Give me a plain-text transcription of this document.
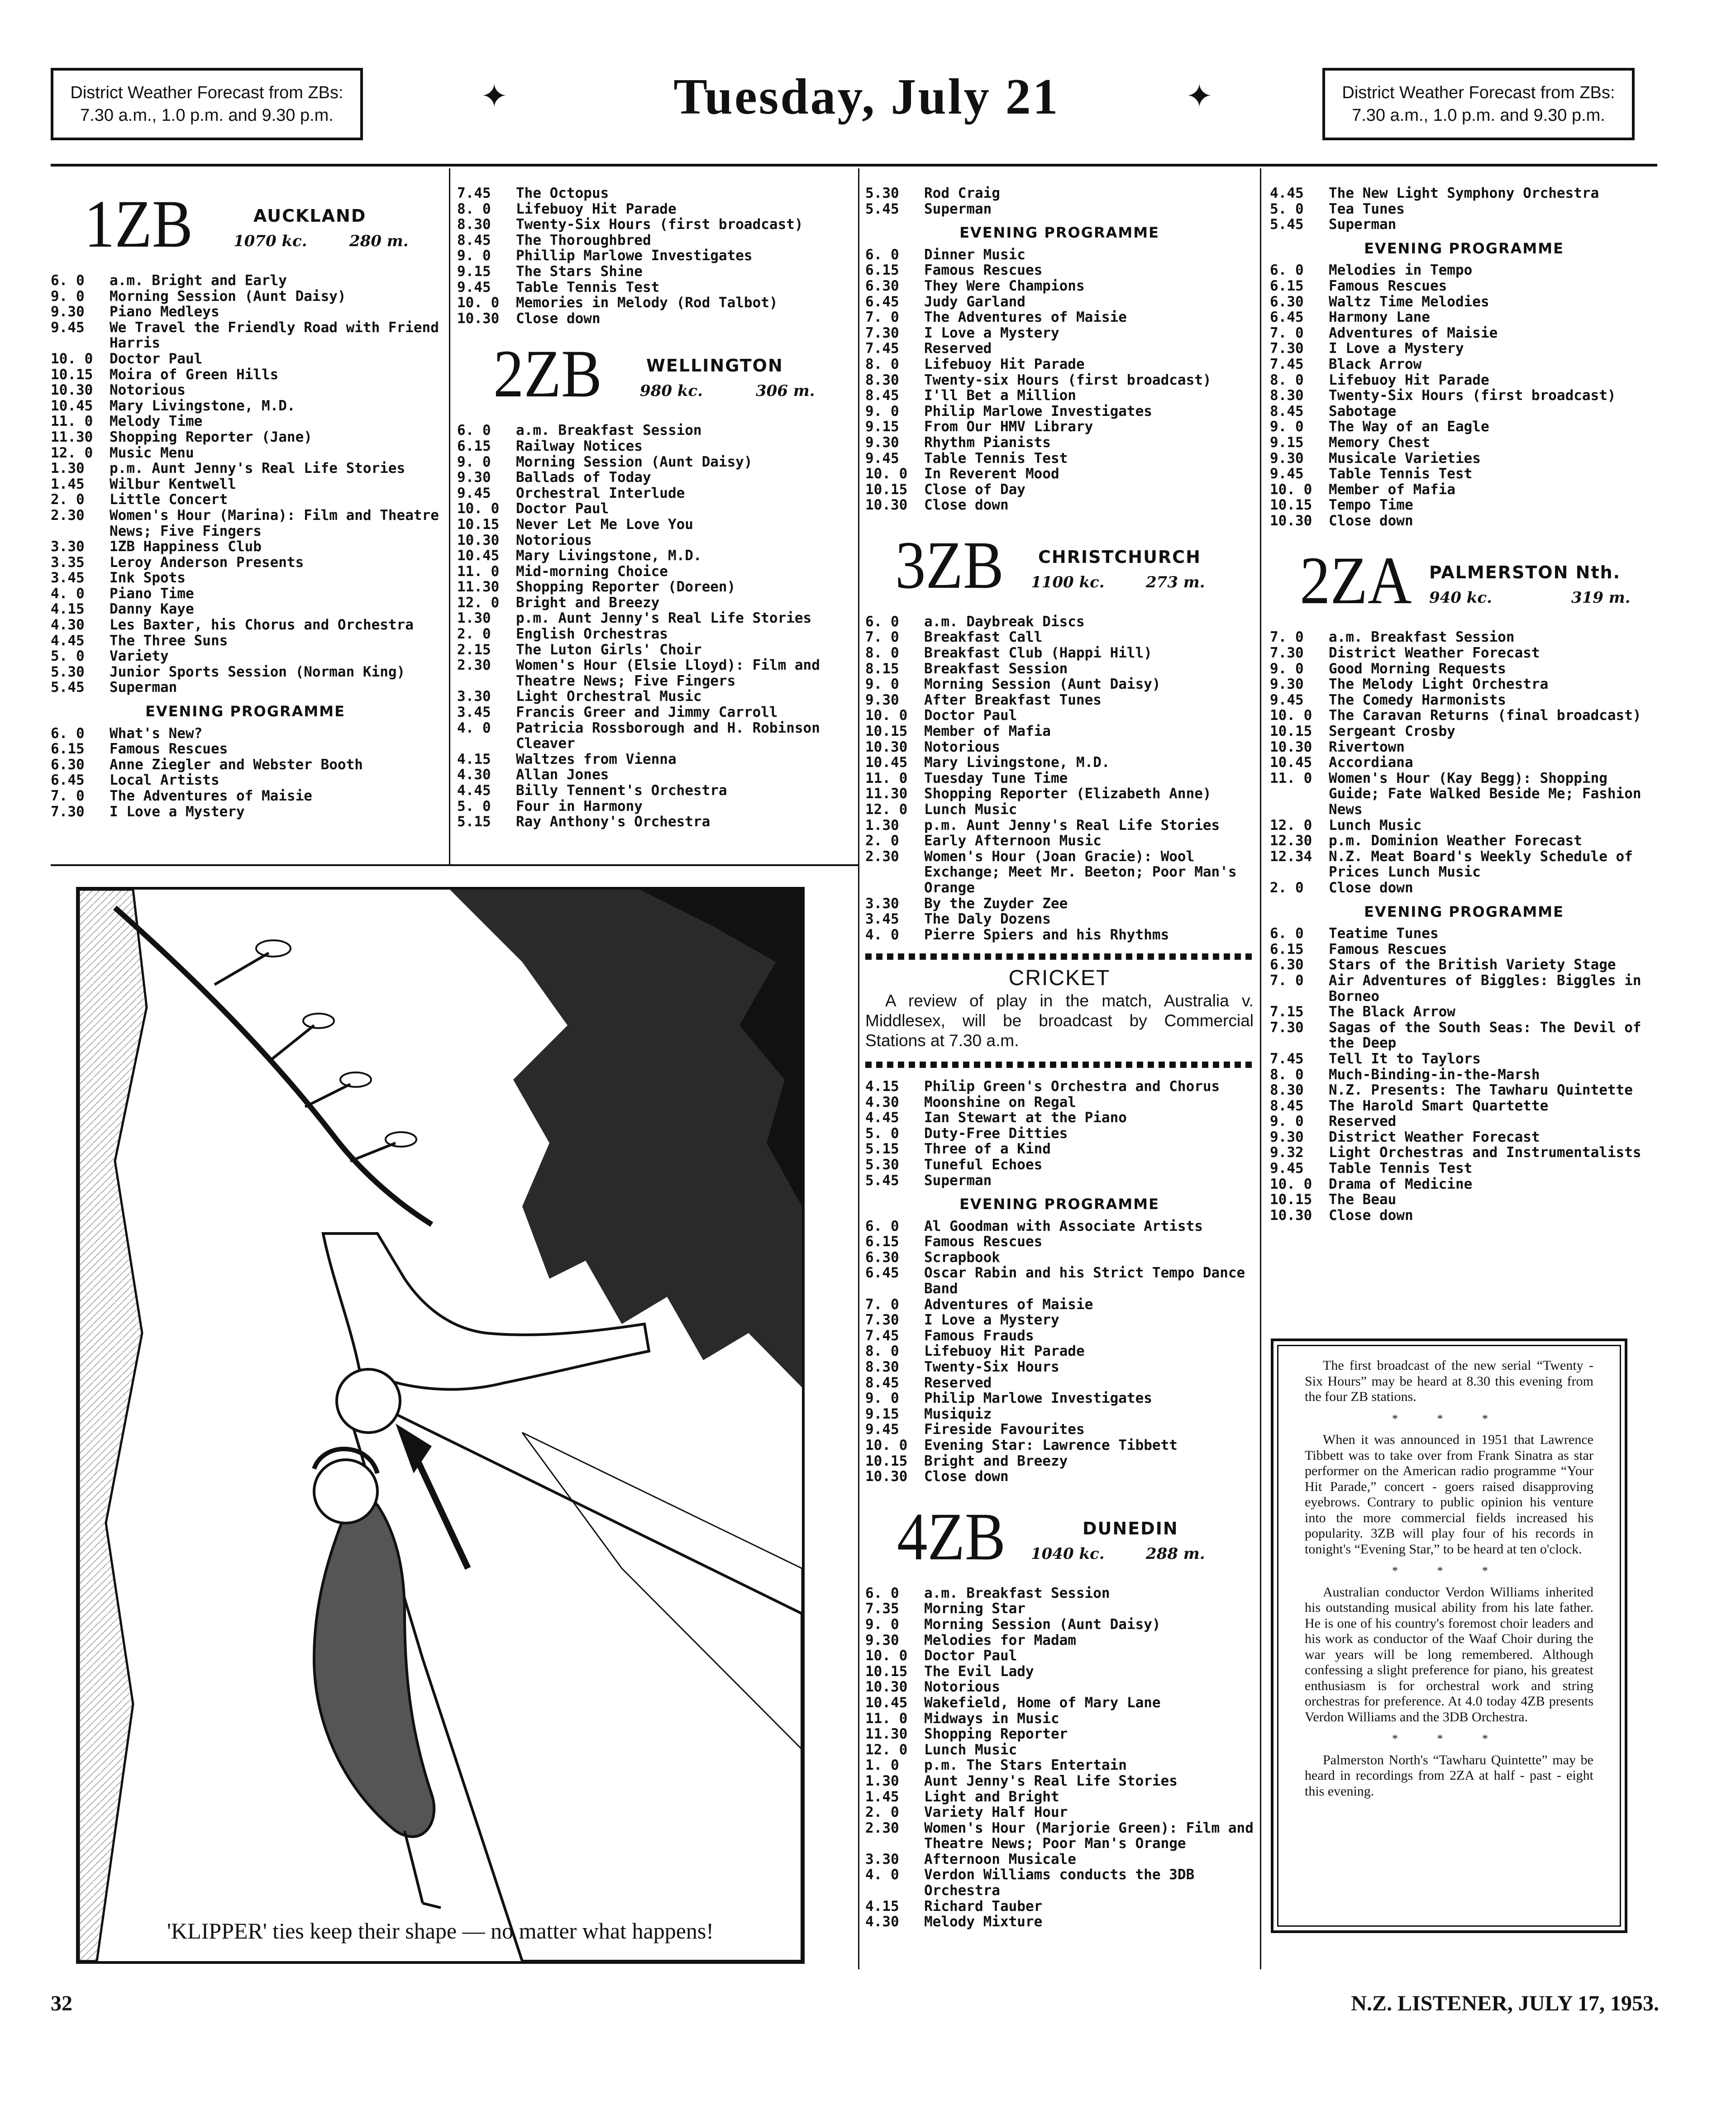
District Weather Forecast from ZBs:
7.30 a.m., 1.0 p.m. and 9.30 p.m.
✦	Tuesday, July 21	✦	District Weather Forecast from ZBs:
7.30 a.m., 1.0 p.m. and 9.30 p.m.
1ZB	AUCKLAND
1070 kc.	280 m.
6. 0	a.m. Bright and Early
9. 0	Morning Session (Aunt Daisy)
9.30	Piano Medleys
9.45	We Travel the Friendly Road with Friend Harris
10. 0	Doctor Paul
10.15	Moira of Green Hills
10.30	Notorious
10.45	Mary Livingstone, M.D.
11. 0	Melody Time
11.30	Shopping Reporter (Jane)
12. 0	Music Menu
1.30	p.m. Aunt Jenny's Real Life Stories
1.45	Wilbur Kentwell
2. 0	Little Concert
2.30	Women's Hour (Marina): Film and Theatre News; Five Fingers
3.30	1ZB Happiness Club
3.35	Leroy Anderson Presents
3.45	Ink Spots
4. 0	Piano Time
4.15	Danny Kaye
4.30	Les Baxter, his Chorus and Orchestra
4.45	The Three Suns
5. 0	Variety
5.30	Junior Sports Session (Norman King)
5.45	Superman
EVENING PROGRAMME
6. 0	What's New?
6.15	Famous Rescues
6.30	Anne Ziegler and Webster Booth
6.45	Local Artists
7. 0	The Adventures of Maisie
7.30	I Love a Mystery
7.45	The Octopus
8. 0	Lifebuoy Hit Parade
8.30	Twenty-Six Hours (first broadcast)
8.45	The Thoroughbred
9. 0	Phillip Marlowe Investigates
9.15	The Stars Shine
9.45	Table Tennis Test
10. 0	Memories in Melody (Rod Talbot)
10.30	Close down
2ZB	WELLINGTON
980 kc.	306 m.
6. 0	a.m. Breakfast Session
6.15	Railway Notices
9. 0	Morning Session (Aunt Daisy)
9.30	Ballads of Today
9.45	Orchestral Interlude
10. 0	Doctor Paul
10.15	Never Let Me Love You
10.30	Notorious
10.45	Mary Livingstone, M.D.
11. 0	Mid-morning Choice
11.30	Shopping Reporter (Doreen)
12. 0	Bright and Breezy
1.30	p.m. Aunt Jenny's Real Life Stories
2. 0	English Orchestras
2.15	The Luton Girls' Choir
2.30	Women's Hour (Elsie Lloyd): Film and Theatre News; Five Fingers
3.30	Light Orchestral Music
3.45	Francis Greer and Jimmy Carroll
4. 0	Patricia Rossborough and H. Robinson Cleaver
4.15	Waltzes from Vienna
4.30	Allan Jones
4.45	Billy Tennent's Orchestra
5. 0	Four in Harmony
5.15	Ray Anthony's Orchestra
5.30	Rod Craig
5.45	Superman
EVENING PROGRAMME
6. 0	Dinner Music
6.15	Famous Rescues
6.30	They Were Champions
6.45	Judy Garland
7. 0	The Adventures of Maisie
7.30	I Love a Mystery
7.45	Reserved
8. 0	Lifebuoy Hit Parade
8.30	Twenty-six Hours (first broadcast)
8.45	I'll Bet a Million
9. 0	Philip Marlowe Investigates
9.15	From Our HMV Library
9.30	Rhythm Pianists
9.45	Table Tennis Test
10. 0	In Reverent Mood
10.15	Close of Day
10.30	Close down
3ZB CHRISTCHURCH
1100 kc.	273 m.
6. 0	a.m. Daybreak Discs
7. 0	Breakfast Call
8. 0	Breakfast Club (Happi Hill)
8.15	Breakfast Session
9. 0	Morning Session (Aunt Daisy)
9.30	After Breakfast Tunes
10. 0	Doctor Paul
10.15	Member of Mafia
10.30	Notorious
10.45	Mary Livingstone, M.D.
11. 0	Tuesday Tune Time
11.30	Shopping Reporter (Elizabeth Anne)
12. 0	Lunch Music
1.30	p.m. Aunt Jenny's Real Life Stories
2. 0	Early Afternoon Music
2.30	Women's Hour (Joan Gracie): Wool Exchange; Meet Mr. Beeton; Poor Man's Orange
3.30	By the Zuyder Zee
3.45	The Daly Dozens
4. 0	Pierre Spiers and his Rhythms
CRICKET
A review of play in the match, Australia v. Middlesex, will be broadcast by Commercial Stations at 7.30 a.m.
4.15	Philip Green's Orchestra and Chorus
4.30	Moonshine on Regal
4.45	Ian Stewart at the Piano
5. 0	Duty-Free Ditties
5.15	Three of a Kind
5.30	Tuneful Echoes
5.45	Superman
EVENING PROGRAMME
6. 0	Al Goodman with Associate Artists
6.15	Famous Rescues
6.30	Scrapbook
6.45	Oscar Rabin and his Strict Tempo Dance Band
7. 0	Adventures of Maisie
7.30	I Love a Mystery
7.45	Famous Frauds
8. 0	Lifebuoy Hit Parade
8.30	Twenty-Six Hours
8.45	Reserved
9. 0	Philip Marlowe Investigates
9.15	Musiquiz
9.45	Fireside Favourites
10. 0	Evening Star: Lawrence Tibbett
10.15	Bright and Breezy
10.30	Close down
4ZB	DUNEDIN
1040 kc.	288 m.
6. 0	a.m. Breakfast Session
7.35	Morning Star
9. 0	Morning Session (Aunt Daisy)
9.30	Melodies for Madam
10. 0	Doctor Paul
10.15	The Evil Lady
10.30	Notorious
10.45	Wakefield, Home of Mary Lane
11. 0	Midways in Music
11.30	Shopping Reporter
12. 0	Lunch Music
1. 0	p.m. The Stars Entertain
1.30	Aunt Jenny's Real Life Stories
1.45	Light and Bright
2. 0	Variety Half Hour
2.30	Women's Hour (Marjorie Green): Film and Theatre News; Poor Man's Orange
3.30	Afternoon Musicale
4. 0	Verdon Williams conducts the 3DB Orchestra
4.15	Richard Tauber
4.30	Melody Mixture
4.45	The New Light Symphony Orchestra
5. 0	Tea Tunes
5.45	Superman
EVENING PROGRAMME
6. 0	Melodies in Tempo
6.15	Famous Rescues
6.30	Waltz Time Melodies
6.45	Harmony Lane
7. 0	Adventures of Maisie
7.30	I Love a Mystery
7.45	Black Arrow
8. 0	Lifebuoy Hit Parade
8.30	Twenty-Six Hours (first broadcast)
8.45	Sabotage
9. 0	The Way of an Eagle
9.15	Memory Chest
9.30	Musicale Varieties
9.45	Table Tennis Test
10. 0	Member of Mafia
10.15	Tempo Time
10.30	Close down
2ZA PALMERSTON Nth.
940 kc.	319 m.
7. 0	a.m. Breakfast Session
7.30	District Weather Forecast
9. 0	Good Morning Requests
9.30	The Melody Light Orchestra
9.45	The Comedy Harmonists
10. 0	The Caravan Returns (final broadcast)
10.15	Sergeant Crosby
10.30	Rivertown
10.45	Accordiana
11. 0	Women's Hour (Kay Begg): Shopping Guide; Fate Walked Beside Me; Fashion News
12. 0	Lunch Music
12.30	p.m. Dominion Weather Forecast
12.34	N.Z. Meat Board's Weekly Schedule of Prices Lunch Music
2. 0	Close down
EVENING PROGRAMME
6. 0	Teatime Tunes
6.15	Famous Rescues
6.30	Stars of the British Variety Stage
7. 0	Air Adventures of Biggles: Biggles in Borneo
7.15	The Black Arrow
7.30	Sagas of the South Seas: The Devil of the Deep
7.45	Tell It to Taylors
8. 0	Much-Binding-in-the-Marsh
8.30	N.Z. Presents: The Tawharu Quintette
8.45	The Harold Smart Quartette
9. 0	Reserved
9.30	District Weather Forecast
9.32	Light Orchestras and Instrumentalists
9.45	Table Tennis Test
10. 0	Drama of Medicine
10.15	The Beau
10.30	Close down

The first broadcast of the new serial “Twenty - Six Hours” may be heard at 8.30 this evening from the four ZB stations.

* * *

When it was announced in 1951 that Lawrence Tibbett was to take over from Frank Sinatra as star performer on the American radio programme “Your Hit Parade,” concert - goers raised disapproving eyebrows. Contrary to public opinion his venture into the more commercial fields increased his popularity. 3ZB will play four of his records in tonight's “Evening Star,” to be heard at ten o'clock.

* * *

Australian conductor Verdon Williams inherited his outstanding musical ability from his late father. He is one of his country's foremost choir leaders and his work as conductor of the Waaf Choir during the war years will be long remembered. Although confessing a slight preference for piano, his greatest enthusiasm is for orchestral work and string orchestras for preference. At 4.0 today 4ZB presents Verdon Williams and the 3DB Orchestra.

* * *

Palmerston North's “Tawharu Quintette” may be heard in recordings from 2ZA at half - past - eight this evening.

'KLIPPER' ties keep their shape — no matter what happens!
32	N.Z. LISTENER, JULY 17, 1953.
